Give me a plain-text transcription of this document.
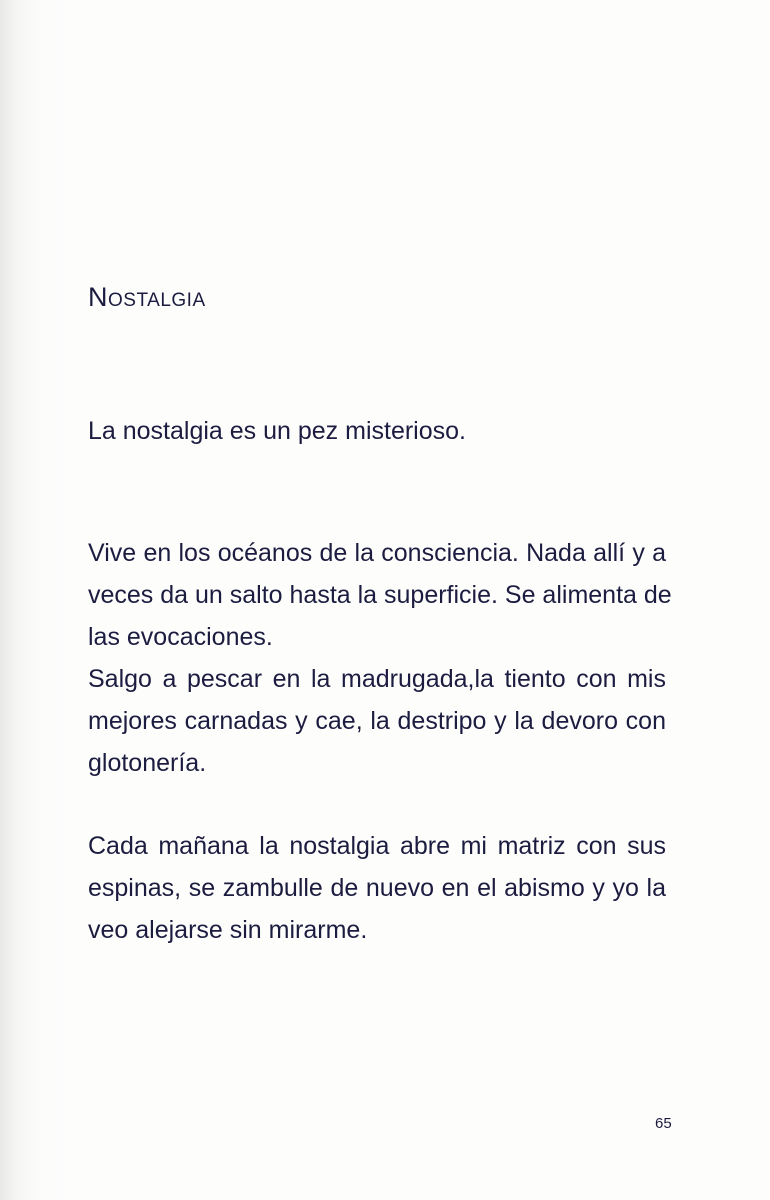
Nostalgia
La nostalgia es un pez misterioso.
Vive en los océanos de la consciencia. Nada allí y a
veces da un salto hasta la superficie. Se alimenta de
las evocaciones.
Salgo a pescar en la madrugada,la tiento con mis
mejores carnadas y cae, la destripo y la devoro con
glotonería.
Cada mañana la nostalgia abre mi matriz con sus
espinas, se zambulle de nuevo en el abismo y yo la
veo alejarse sin mirarme.
65
